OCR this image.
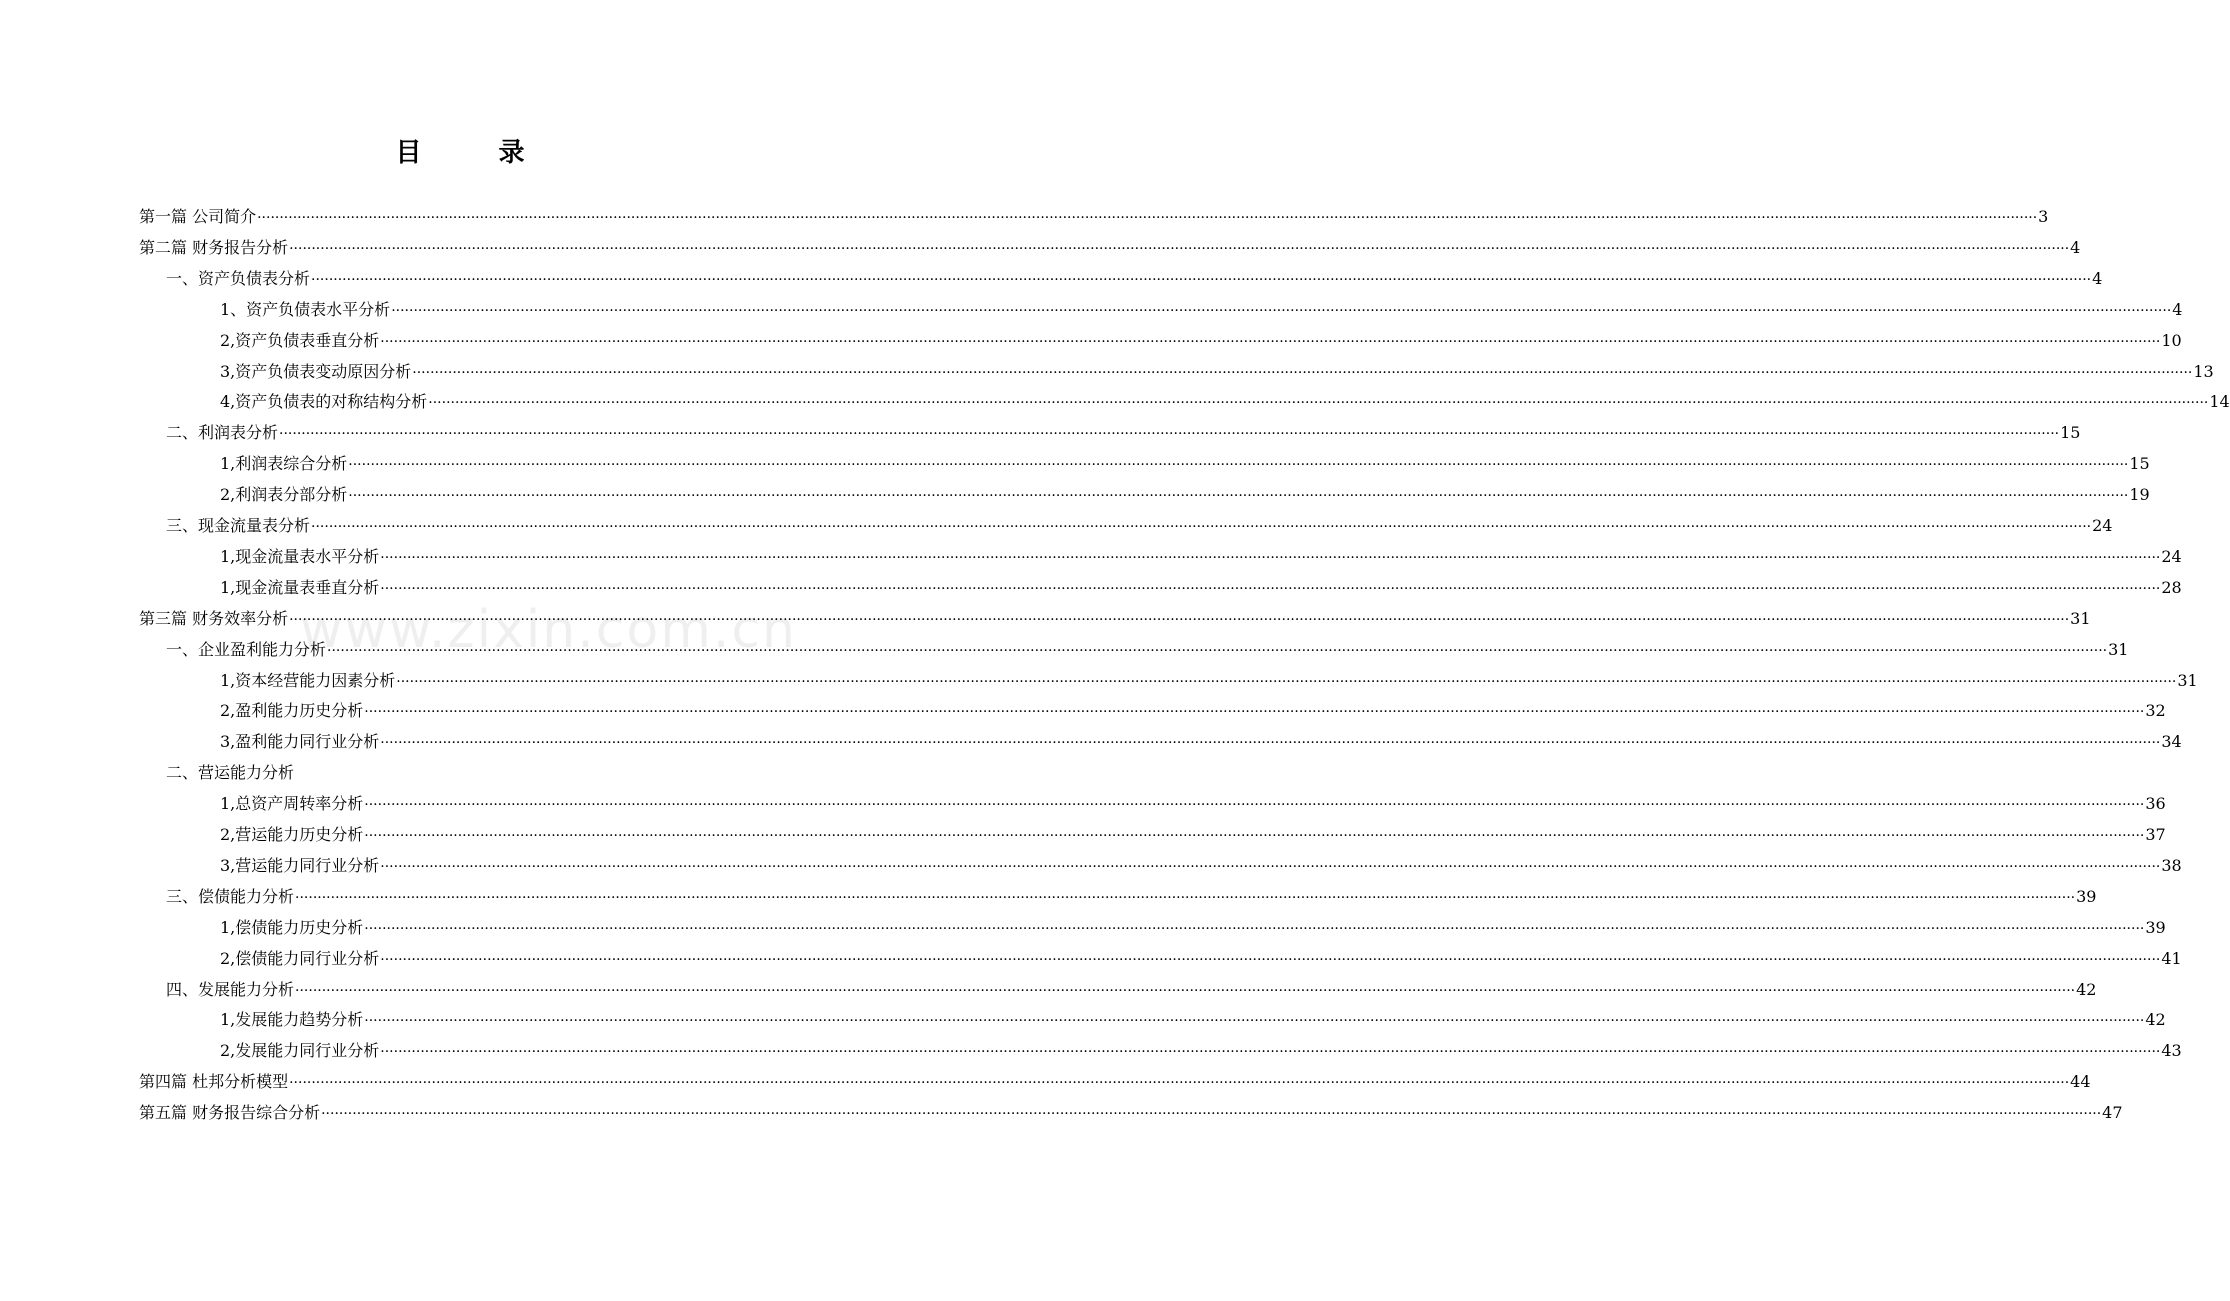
目 录
www.zixin.com.cn
第一篇 公司简介 ················································································································································································································································································································································································································ 3
第二篇 财务报告分析 ················································································································································································································································································································································································································ 4
一、资产负债表分析 ················································································································································································································································································································································································································ 4
1、资产负债表水平分析 ················································································································································································································································································································································································································ 4
2,资产负债表垂直分析 ················································································································································································································································································································································································································ 10
3,资产负债表变动原因分析 ················································································································································································································································································································································································································ 13
4,资产负债表的对称结构分析 ················································································································································································································································································································································································································ 14
二、利润表分析 ················································································································································································································································································································································································································ 15
1,利润表综合分析 ················································································································································································································································································································································································································ 15
2,利润表分部分析 ················································································································································································································································································································································································································ 19
三、现金流量表分析 ················································································································································································································································································································································································································ 24
1,现金流量表水平分析 ················································································································································································································································································································································································································ 24
1,现金流量表垂直分析 ················································································································································································································································································································································································································ 28
第三篇 财务效率分析 ················································································································································································································································································································································································································ 31
一、企业盈利能力分析 ················································································································································································································································································································································································································ 31
1,资本经营能力因素分析 ················································································································································································································································································································································································································ 31
2,盈利能力历史分析 ················································································································································································································································································································································································································ 32
3,盈利能力同行业分析 ················································································································································································································································································································································································································ 34
二、营运能力分析
1,总资产周转率分析 ················································································································································································································································································································································································································ 36
2,营运能力历史分析 ················································································································································································································································································································································································································ 37
3,营运能力同行业分析 ················································································································································································································································································································································································································ 38
三、偿债能力分析 ················································································································································································································································································································································································································ 39
1,偿债能力历史分析 ················································································································································································································································································································································································································ 39
2,偿债能力同行业分析 ················································································································································································································································································································································································································ 41
四、发展能力分析 ················································································································································································································································································································································································································ 42
1,发展能力趋势分析 ················································································································································································································································································································································································································ 42
2,发展能力同行业分析 ················································································································································································································································································································································································································ 43
第四篇 杜邦分析模型 ················································································································································································································································································································································································································ 44
第五篇 财务报告综合分析 ················································································································································································································································································································································································································ 47
